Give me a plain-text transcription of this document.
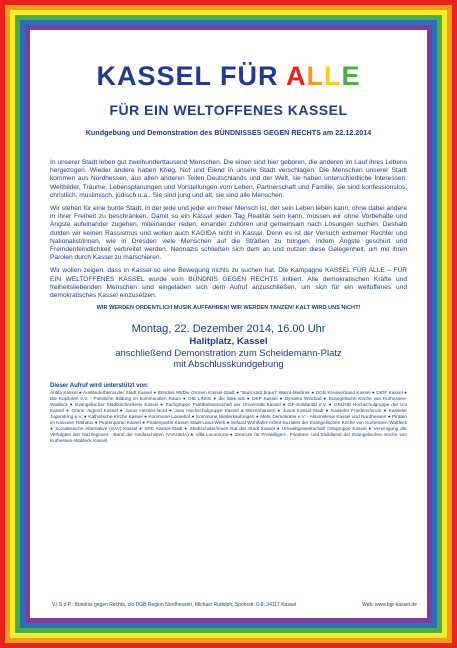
KASSEL FÜR ALLE
FÜR EIN WELTOFFENES KASSEL
Kundgebung und Demonstration des BÜNDNISSES GEGEN RECHTS am 22.12.2014

In unserer Stadt leben gut zweihunderttausend Menschen. Die einen sind hier geboren, die anderen im Lauf ihres Lebens hergezogen. Wieder andere haben Krieg, Not und Elend in unsere Stadt verschlagen. Die Menschen unserer Stadt kommen aus Nordhessen, aus allen anderen Teilen Deutschlands und der Welt, sie haben unterschiedliche Interessen, Weltbilder, Träume, Lebensplanungen und Vorstellungen vom Leben, Partnerschaft und Familie, sie sind konfessionslos, christlich, muslimisch, jüdisch u.a.. Sie sind jung und alt, sie sind alle Menschen.

Wir stehen für eine bunte Stadt, in der jede und jeder ein freier Mensch ist, der sein Leben leben kann, ohne dabei andere in ihrer Freiheit zu beschränken. Damit so ein Kassel jeden Tag Realität sein kann, müssen wir ohne Vorbehalte und Ängste aufeinander zugehen, miteinander reden, einander zuhören und gemeinsam nach Lösungen suchen. Deshalb dulden wir keinen Rassismus und wollen auch KAGIDA nicht in Kassel. Denn es ist der Versuch extremer Rechter und Nationalist/innen, wie in Dresden viele Menschen auf die Straßen zu bringen, indem Ängste geschürt und Fremdenfeindlichkeit verbreitet werden. Neonazis schließen sich dem an und nutzen diese Gelegenheit, um mit ihren Parolen durch Kassel zu marschieren.

Wir wollen zeigen, dass in Kassel so eine Bewegung nichts zu suchen hat. Die Kampagne KASSEL FÜR ALLE – FÜR EIN WELTOFFENES KASSEL wurde vom BÜNDNIS GEGEN RECHTS initiiert. Alle demokratischen Kräfte und freiheitsliebenden Menschen sind eingeladen sich dem Aufruf anzuschließen, um sich für ein weltoffenes und demokratisches Kassel einzusetzen.

WIR WERDEN ORDENTLICH MUSIK AUFFAHREN! WIR WERDEN TANZEN! KALT WIRD UNS NICHT!
Montag, 22. Dezember 2014, 16.00 Uhr
Halitplatz, Kassel
anschließend Demonstration zum Scheidemann-Platz
mit Abschlusskundgebung
Dieser Aufruf wird unterstützt von:
Antifa Kassel ● Ausländerbeirat der Stadt Kassel ● Bündnis 90/Die Grünen Kassel-Stadt ● "Bunt statt braun" Warra-Meißner ● DGB Kreisverband Kassel ● DIDF Kassel ● Die Kopiloten e.V. - Politische Bildung im kommunalen Raum ● DIE LINKE ● die linke.sds ● DKP Kassel ● Dynamo Windrad ● Evangelische Kirche von Kurhessen-Waldeck ● Evangelischer Stadtkirchenkreis Kassel ● Fachgruppe Politikwissenschaft der Universität Kassel ● GF-Solidarität e.V. ● GRÜNE Hochschulgruppe der Uni Kassel ● Grüne Jugend Kassel ● Jusos Hessen-Nord ● Juso Hochschulgruppe Kassel & Witzenhausen ● Jusos Kassel-Stadt ● Kasseler Friedensforum ● Kasseler Jugendring e.V. ● Katholische Kirche Kassel ● Kommune Lossehof ● Kommune Niederkaufungen ● Mehr Demokratie e.V. - Aktionskreis Kassel und Nordhessen ● Piraten im Kasseler Rathaus ● Piratenpartei Kassel ● Piratenpartei Kassel Stadt-Land-Werk ● Sefarat Wohlfahrt-Arbeit-Soziales der Evangelischen Kirche von Kurhessen-Waldeck ● Sozialistische Alternative (SAV) Kassel ● SPD Kassel-Stadt ● Stadtschüler/innen Rat der Stadt Kassel ● Umweltgewerkschaft Ortsgruppe Kassel ● Vereinigung der Verfolgten des Naziregimes - Bund der Antifaschisten (VVN-BdA) ● Villa Locomuna ● Zentrum für Freiwilligen-, Friedens- und Zivildienst der Evangelischen Kirche von Kurhessen-Waldeck Kassel
V.i.S.d.P.: Bündnis gegen Rechts, c/o DGB Region Nordhessen, Michael Rudolph, Spohrstr. 6-8, 34117 Kassel	Web: www.bgr-kassel.de
